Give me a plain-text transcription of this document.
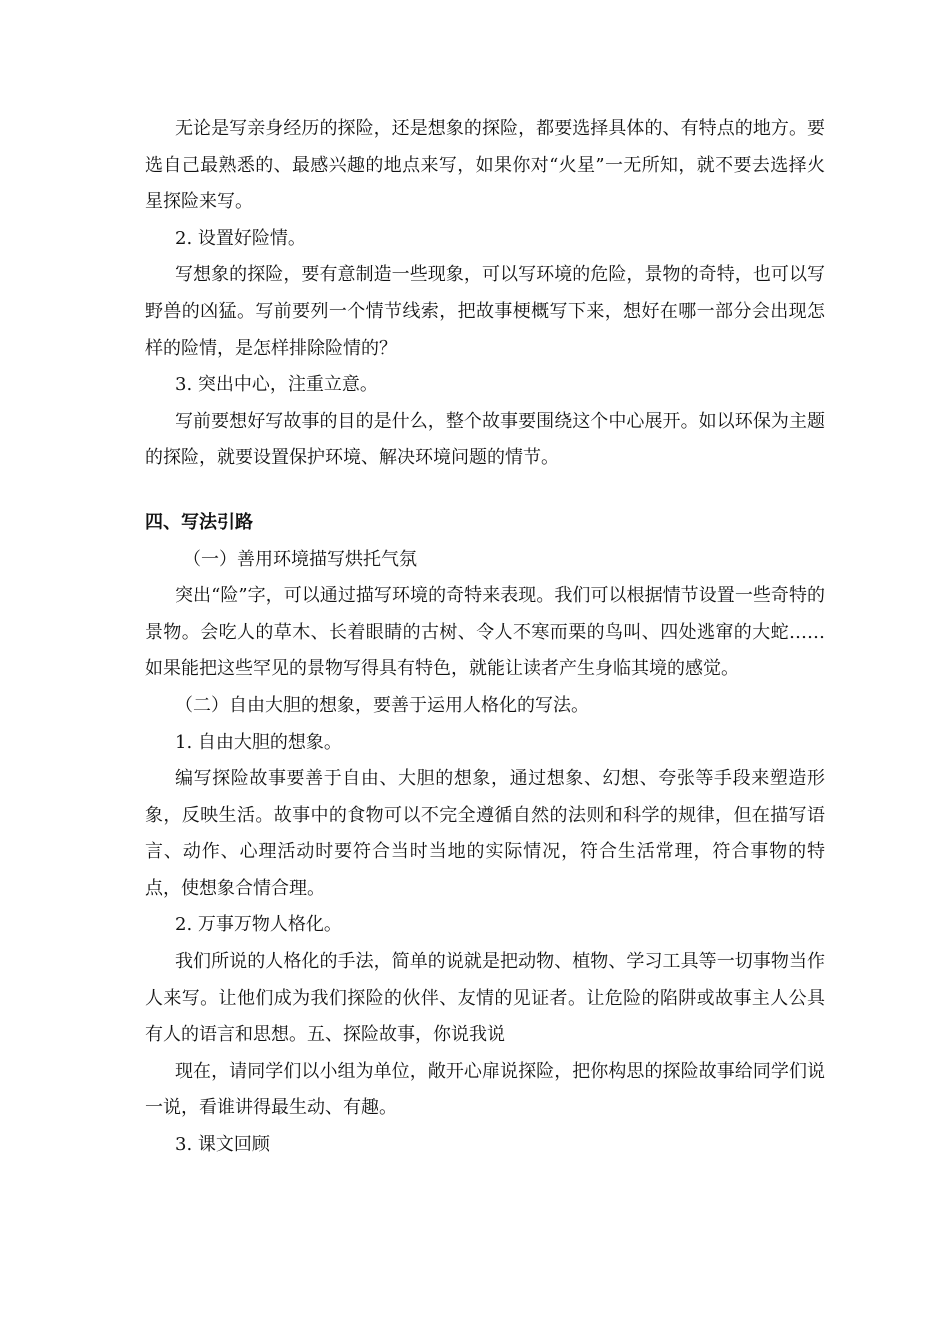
无论是写亲身经历的探险，还是想象的探险，都要选择具体的、有特点的地方。要选自己最熟悉的、最感兴趣的地点来写，如果你对“火星”一无所知，就不要去选择火星探险来写。

2. 设置好险情。

写想象的探险，要有意制造一些现象，可以写环境的危险，景物的奇特，也可以写野兽的凶猛。写前要列一个情节线索，把故事梗概写下来，想好在哪一部分会出现怎样的险情，是怎样排除险情的？

3. 突出中心，注重立意。

写前要想好写故事的目的是什么，整个故事要围绕这个中心展开。如以环保为主题的探险，就要设置保护环境、解决环境问题的情节。

四、写法引路

（一）善用环境描写烘托气氛

突出“险”字，可以通过描写环境的奇特来表现。我们可以根据情节设置一些奇特的景物。会吃人的草木、长着眼睛的古树、令人不寒而栗的鸟叫、四处逃窜的大蛇……如果能把这些罕见的景物写得具有特色，就能让读者产生身临其境的感觉。

（二）自由大胆的想象，要善于运用人格化的写法。

1. 自由大胆的想象。

编写探险故事要善于自由、大胆的想象，通过想象、幻想、夸张等手段来塑造形象，反映生活。故事中的食物可以不完全遵循自然的法则和科学的规律，但在描写语言、动作、心理活动时要符合当时当地的实际情况，符合生活常理，符合事物的特点，使想象合情合理。

2. 万事万物人格化。

我们所说的人格化的手法，简单的说就是把动物、植物、学习工具等一切事物当作人来写。让他们成为我们探险的伙伴、友情的见证者。让危险的陷阱或故事主人公具有人的语言和思想。五、探险故事，你说我说

现在，请同学们以小组为单位，敞开心扉说探险，把你构思的探险故事给同学们说一说，看谁讲得最生动、有趣。

3. 课文回顾
